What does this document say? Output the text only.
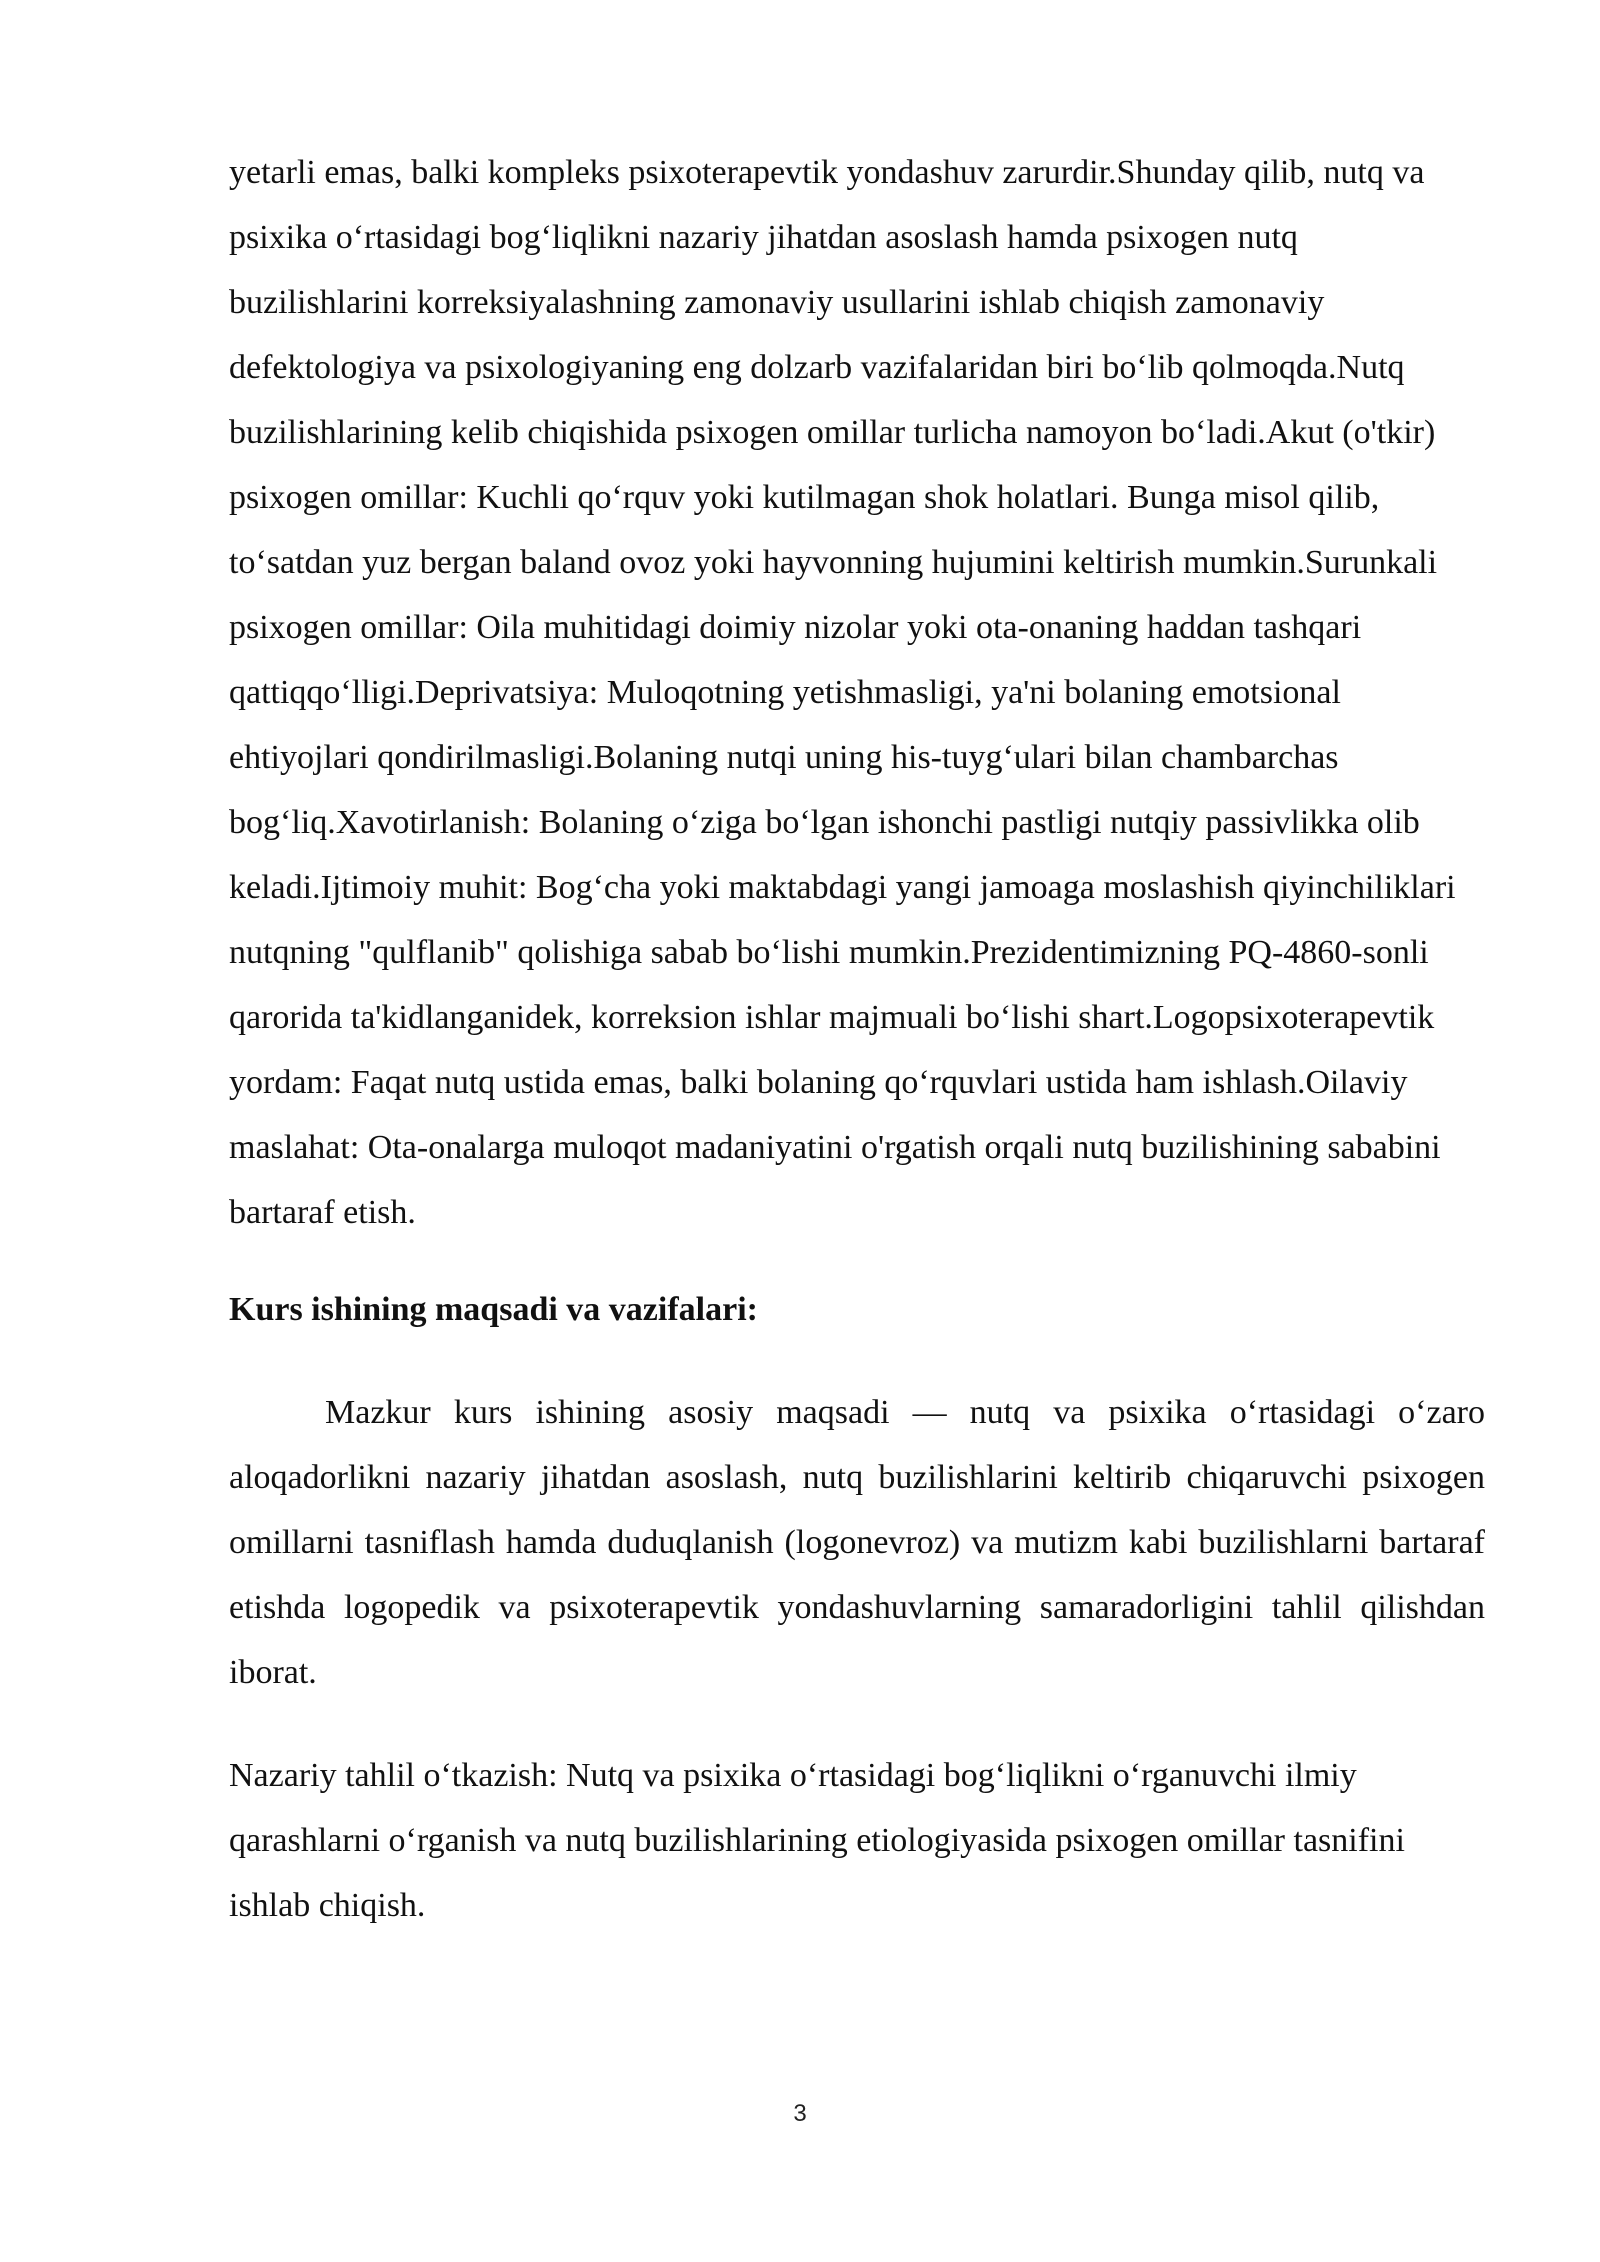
yetarli emas, balki kompleks psixoterapevtik yondashuv zarurdir.Shunday qilib, nutq va psixika o‘rtasidagi bog‘liqlikni nazariy jihatdan asoslash hamda psixogen nutq buzilishlarini korreksiyalashning zamonaviy usullarini ishlab chiqish zamonaviy defektologiya va psixologiyaning eng dolzarb vazifalaridan biri bo‘lib qolmoqda.Nutq buzilishlarining kelib chiqishida psixogen omillar turlicha namoyon bo‘ladi.Akut (o'tkir) psixogen omillar: Kuchli qo‘rquv yoki kutilmagan shok holatlari. Bunga misol qilib, to‘satdan yuz bergan baland ovoz yoki hayvonning hujumini keltirish mumkin.Surunkali psixogen omillar: Oila muhitidagi doimiy nizolar yoki ota-onaning haddan tashqari qattiqqo‘lligi.Deprivatsiya: Muloqotning yetishmasligi, ya'ni bolaning emotsional ehtiyojlari qondirilmasligi.Bolaning nutqi uning his-tuyg‘ulari bilan chambarchas bog‘liq.Xavotirlanish: Bolaning o‘ziga bo‘lgan ishonchi pastligi nutqiy passivlikka olib keladi.Ijtimoiy muhit: Bog‘cha yoki maktabdagi yangi jamoaga moslashish qiyinchiliklari nutqning "qulflanib" qolishiga sabab bo‘lishi mumkin.Prezidentimizning PQ-4860-sonli qarorida ta'kidlanganidek, korreksion ishlar majmuali bo‘lishi shart.Logopsixoterapevtik yordam: Faqat nutq ustida emas, balki bolaning qo‘rquvlari ustida ham ishlash.Oilaviy maslahat: Ota-onalarga muloqot madaniyatini o'rgatish orqali nutq buzilishining sababini bartaraf etish.

Kurs ishining maqsadi va vazifalari:

Mazkur kurs ishining asosiy maqsadi — nutq va psixika o‘rtasidagi o‘zaro aloqadorlikni nazariy jihatdan asoslash, nutq buzilishlarini keltirib chiqaruvchi psixogen omillarni tasniflash hamda duduqlanish (logonevroz) va mutizm kabi buzilishlarni bartaraf etishda logopedik va psixoterapevtik yondashuvlarning samaradorligini tahlil qilishdan iborat.

Nazariy tahlil o‘tkazish: Nutq va psixika o‘rtasidagi bog‘liqlikni o‘rganuvchi ilmiy qarashlarni o‘rganish va nutq buzilishlarining etiologiyasida psixogen omillar tasnifini ishlab chiqish.

3
